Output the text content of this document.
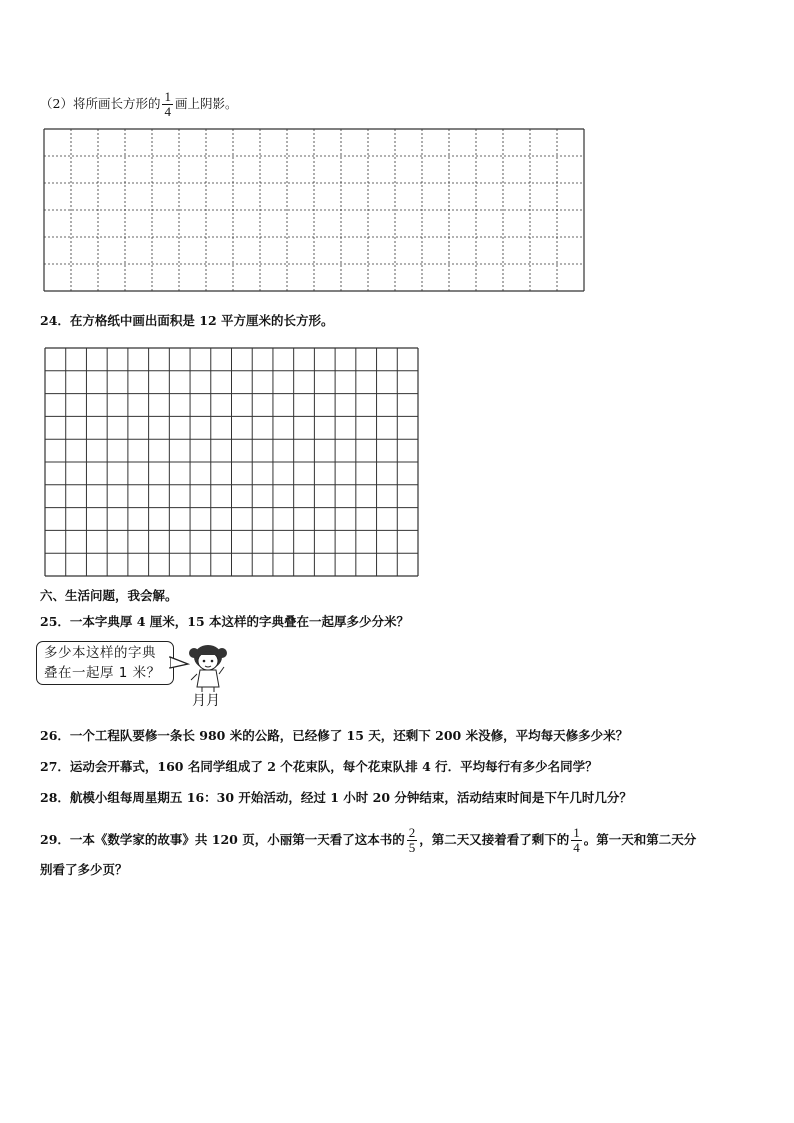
（2）将所画长方形的 $\frac{1}{4}$ 画上阴影。
24．在方格纸中画出面积是 12 平方厘米的长方形。
六、生活问题，我会解。
25．一本字典厚 4 厘米，15 本这样的字典叠在一起厚多少分米？
多少本这样的字典
叠在一起厚 1 米？
月月
26．一个工程队要修一条长 980 米的公路，已经修了 15 天，还剩下 200 米没修，平均每天修多少米？
27．运动会开幕式，160 名同学组成了 2 个花束队，每个花束队排 4 行．平均每行有多少名同学？
28．航模小组每周星期五 16：30 开始活动，经过 1 小时 20 分钟结束，活动结束时间是下午几时几分？
29．一本《数学家的故事》共 120 页，小丽第一天看了这本书的 $\frac{2}{5}$ ，第二天又接着看了剩下的 $\frac{1}{4}$ 。第一天和第二天分
别看了多少页？
